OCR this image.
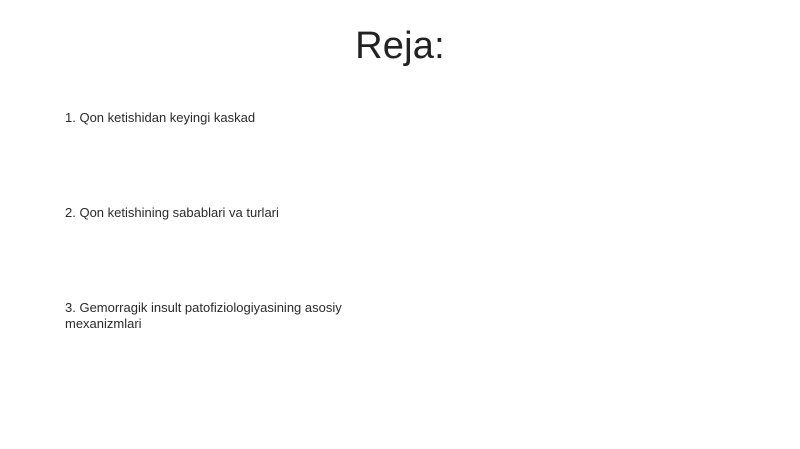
Reja:

1. Qon ketishidan keyingi kaskad

2. Qon ketishining sabablari va turlari

3. Gemorragik insult patofiziologiyasining asosiy mexanizmlari
